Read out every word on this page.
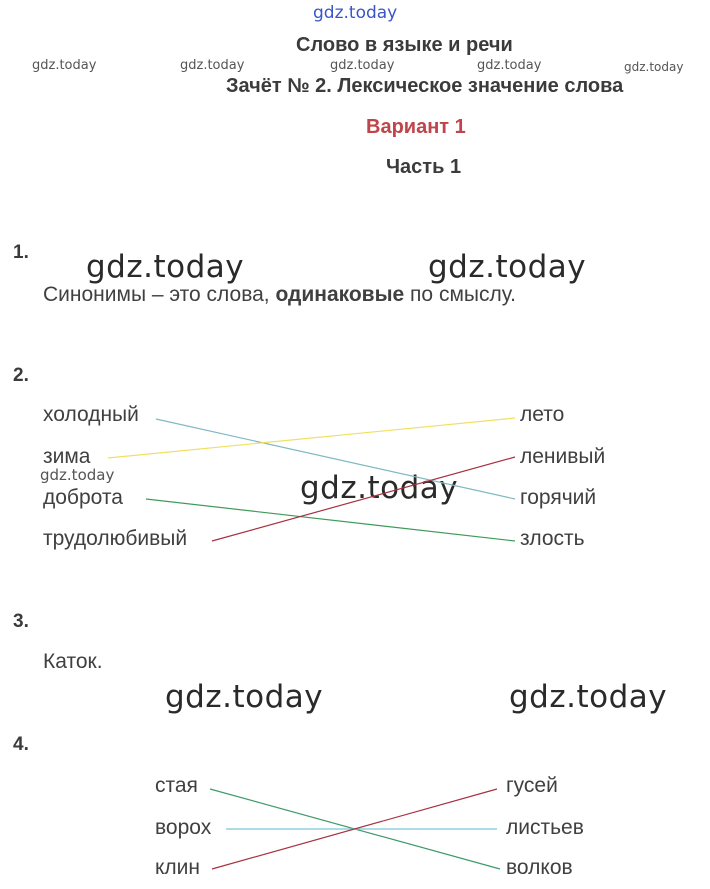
gdz.today
gdz.today	gdz.today	gdz.today	gdz.today	gdz.today
Слово в языке и речи
Зачёт № 2. Лексическое значение слова
Вариант 1
Часть 1
1. gdz.today	gdz.today
Синонимы – это слова, одинаковые по смыслу.
2.
холодный
зима
доброта
трудолюбивый
лето
ленивый
горячий
злость
gdz.today	gdz.today
3.
Каток.
gdz.today	gdz.today
4.
стая
ворох
клин
гусей
листьев
волков
